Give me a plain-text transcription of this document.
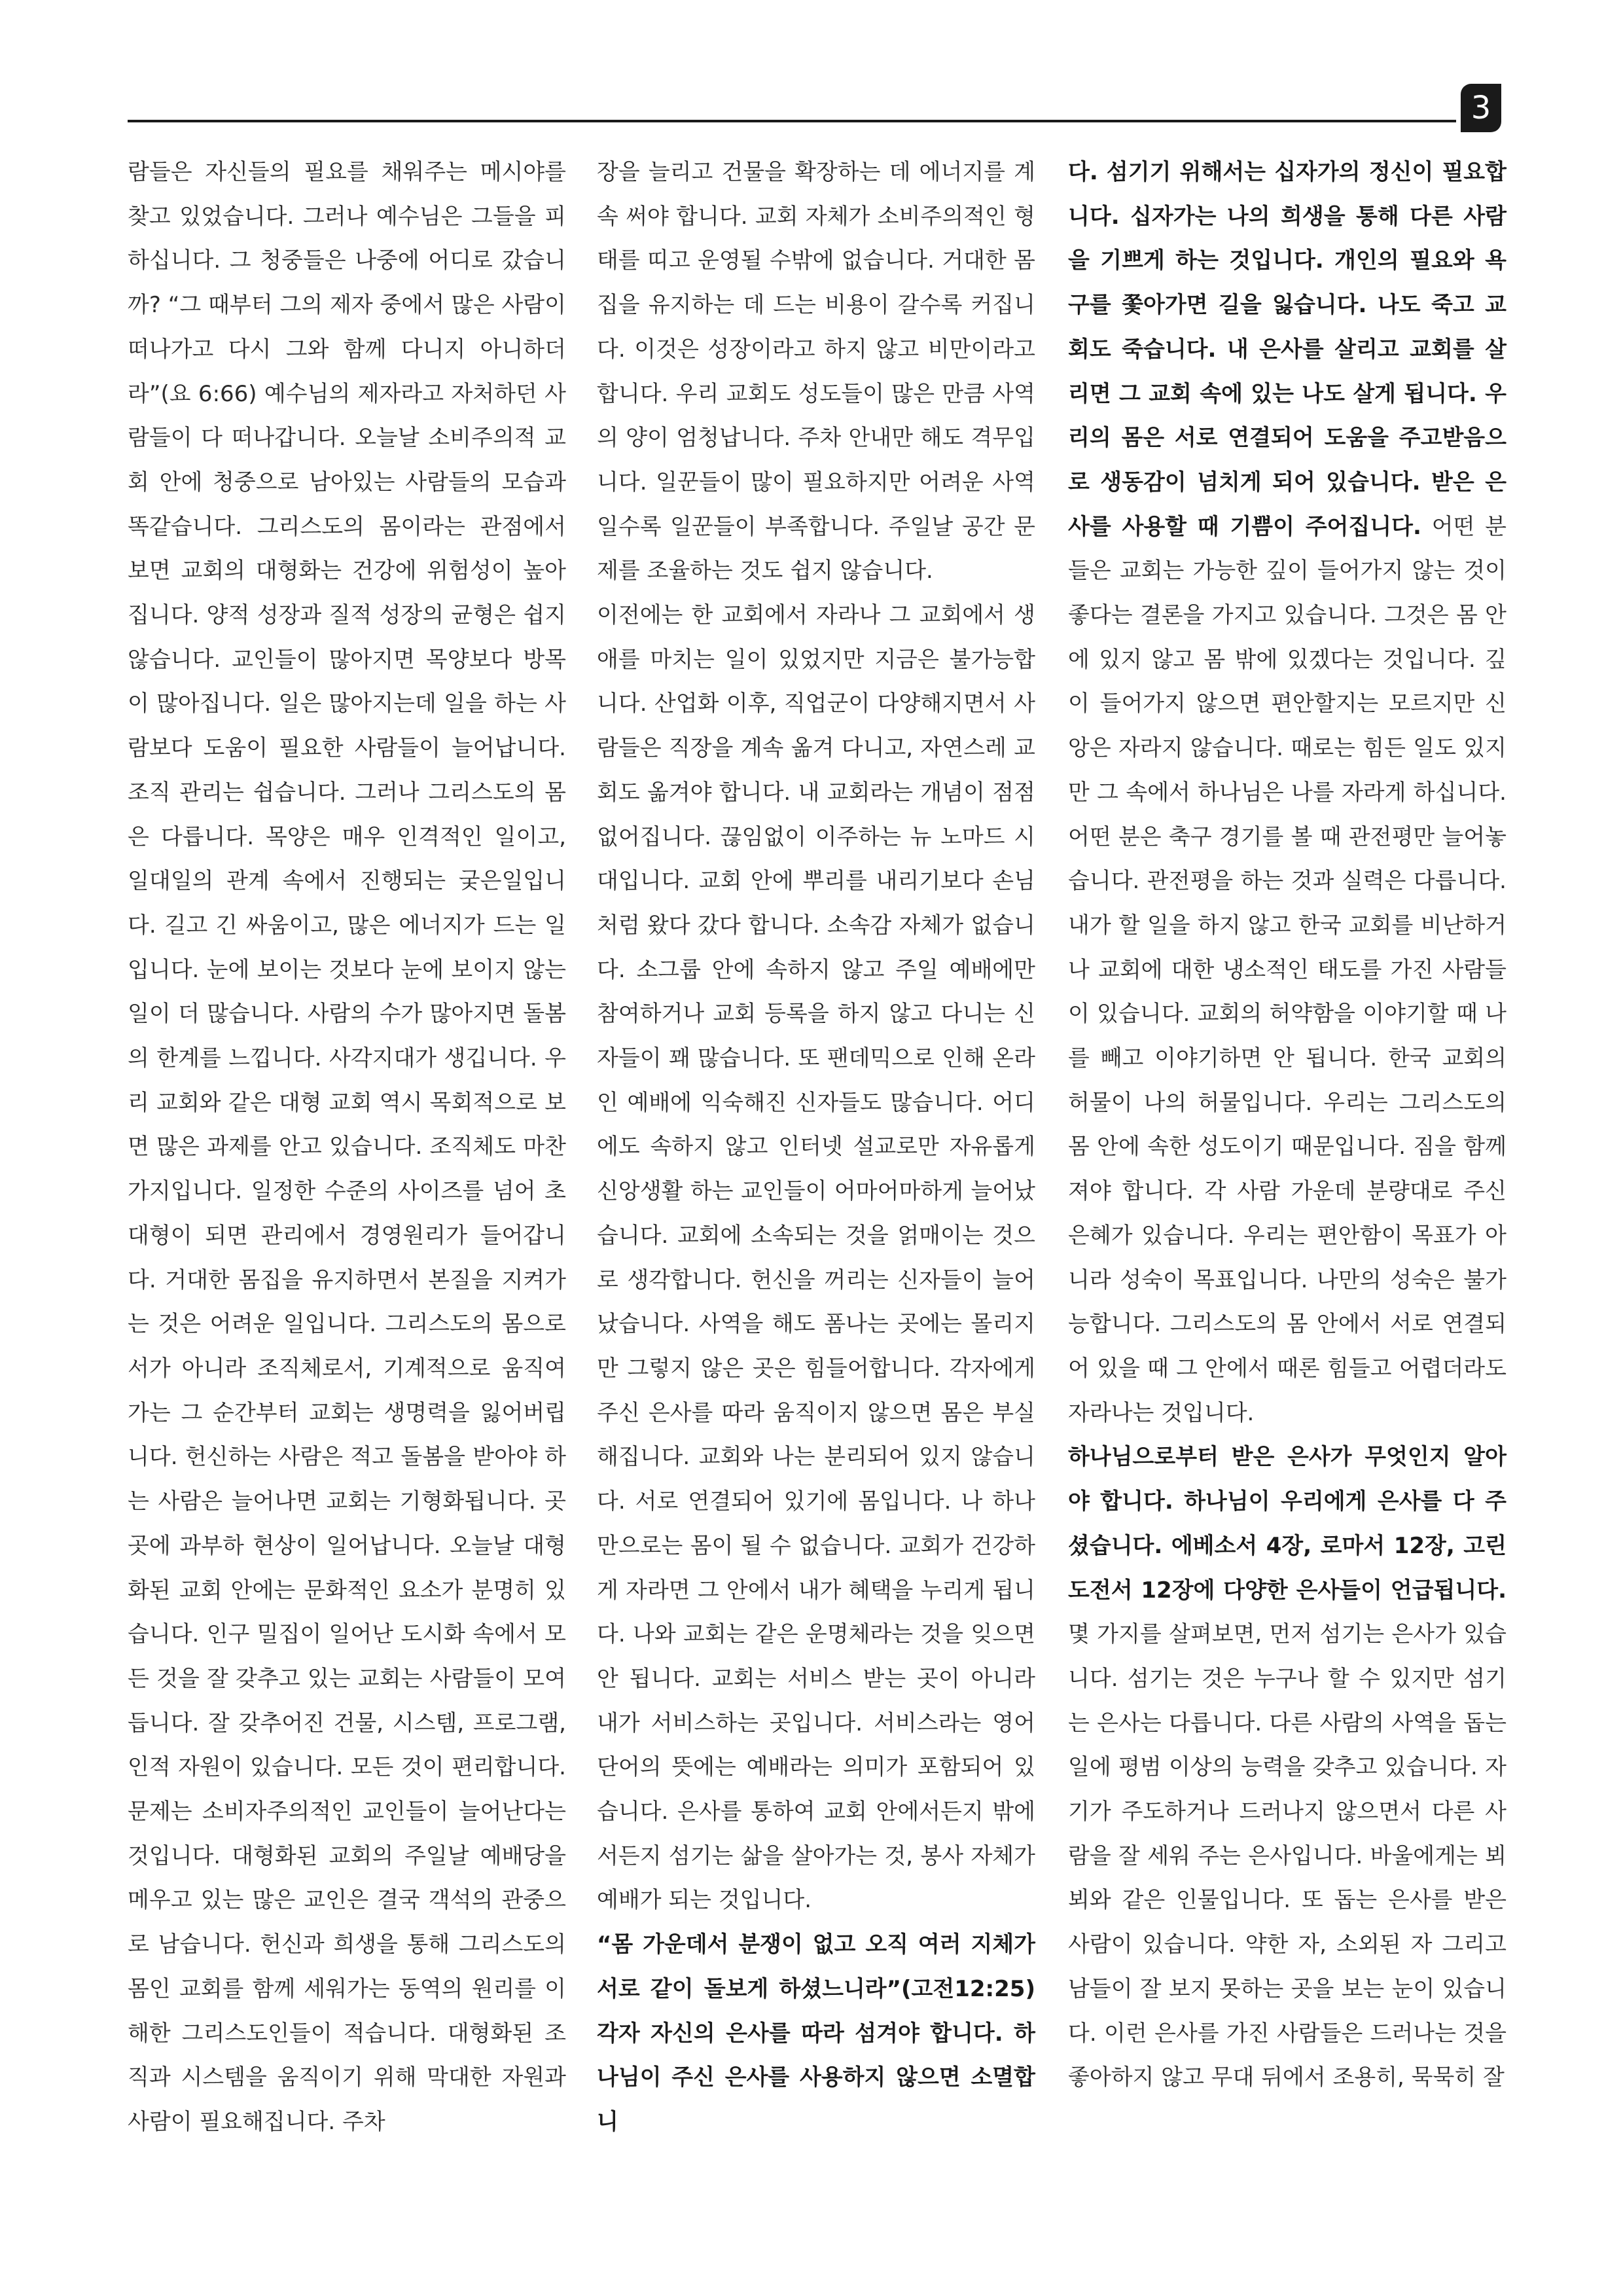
3

람들은 자신들의 필요를 채워주는 메시야를 찾고 있었습니다. 그러나 예수님은 그들을 피하십니다. 그 청중들은 나중에 어디로 갔습니까? “그 때부터 그의 제자 중에서 많은 사람이 떠나가고 다시 그와 함께 다니지 아니하더라”(요 6:66) 예수님의 제자라고 자처하던 사람들이 다 떠나갑니다. 오늘날 소비주의적 교회 안에 청중으로 남아있는 사람들의 모습과 똑같습니다. 그리스도의 몸이라는 관점에서 보면 교회의 대형화는 건강에 위험성이 높아집니다. 양적 성장과 질적 성장의 균형은 쉽지 않습니다. 교인들이 많아지면 목양보다 방목이 많아집니다. 일은 많아지는데 일을 하는 사람보다 도움이 필요한 사람들이 늘어납니다. 조직 관리는 쉽습니다. 그러나 그리스도의 몸은 다릅니다. 목양은 매우 인격적인 일이고, 일대일의 관계 속에서 진행되는 궂은일입니다. 길고 긴 싸움이고, 많은 에너지가 드는 일입니다. 눈에 보이는 것보다 눈에 보이지 않는 일이 더 많습니다. 사람의 수가 많아지면 돌봄의 한계를 느낍니다. 사각지대가 생깁니다. 우리 교회와 같은 대형 교회 역시 목회적으로 보면 많은 과제를 안고 있습니다. 조직체도 마찬가지입니다. 일정한 수준의 사이즈를 넘어 초대형이 되면 관리에서 경영원리가 들어갑니다. 거대한 몸집을 유지하면서 본질을 지켜가는 것은 어려운 일입니다. 그리스도의 몸으로서가 아니라 조직체로서, 기계적으로 움직여 가는 그 순간부터 교회는 생명력을 잃어버립니다. 헌신하는 사람은 적고 돌봄을 받아야 하는 사람은 늘어나면 교회는 기형화됩니다. 곳곳에 과부하 현상이 일어납니다. 오늘날 대형화된 교회 안에는 문화적인 요소가 분명히 있습니다. 인구 밀집이 일어난 도시화 속에서 모든 것을 잘 갖추고 있는 교회는 사람들이 모여듭니다. 잘 갖추어진 건물, 시스템, 프로그램, 인적 자원이 있습니다. 모든 것이 편리합니다. 문제는 소비자주의적인 교인들이 늘어난다는 것입니다. 대형화된 교회의 주일날 예배당을 메우고 있는 많은 교인은 결국 객석의 관중으로 남습니다. 헌신과 희생을 통해 그리스도의 몸인 교회를 함께 세워가는 동역의 원리를 이해한 그리스도인들이 적습니다. 대형화된 조직과 시스템을 움직이기 위해 막대한 자원과 사람이 필요해집니다. 주차

장을 늘리고 건물을 확장하는 데 에너지를 계속 써야 합니다. 교회 자체가 소비주의적인 형태를 띠고 운영될 수밖에 없습니다. 거대한 몸집을 유지하는 데 드는 비용이 갈수록 커집니다. 이것은 성장이라고 하지 않고 비만이라고 합니다. 우리 교회도 성도들이 많은 만큼 사역의 양이 엄청납니다. 주차 안내만 해도 격무입니다. 일꾼들이 많이 필요하지만 어려운 사역일수록 일꾼들이 부족합니다. 주일날 공간 문제를 조율하는 것도 쉽지 않습니다.

이전에는 한 교회에서 자라나 그 교회에서 생애를 마치는 일이 있었지만 지금은 불가능합니다. 산업화 이후, 직업군이 다양해지면서 사람들은 직장을 계속 옮겨 다니고, 자연스레 교회도 옮겨야 합니다. 내 교회라는 개념이 점점 없어집니다. 끊임없이 이주하는 뉴 노마드 시대입니다. 교회 안에 뿌리를 내리기보다 손님처럼 왔다 갔다 합니다. 소속감 자체가 없습니다. 소그룹 안에 속하지 않고 주일 예배에만 참여하거나 교회 등록을 하지 않고 다니는 신자들이 꽤 많습니다. 또 팬데믹으로 인해 온라인 예배에 익숙해진 신자들도 많습니다. 어디에도 속하지 않고 인터넷 설교로만 자유롭게 신앙생활 하는 교인들이 어마어마하게 늘어났습니다. 교회에 소속되는 것을 얽매이는 것으로 생각합니다. 헌신을 꺼리는 신자들이 늘어났습니다. 사역을 해도 폼나는 곳에는 몰리지만 그렇지 않은 곳은 힘들어합니다. 각자에게 주신 은사를 따라 움직이지 않으면 몸은 부실해집니다. 교회와 나는 분리되어 있지 않습니다. 서로 연결되어 있기에 몸입니다. 나 하나만으로는 몸이 될 수 없습니다. 교회가 건강하게 자라면 그 안에서 내가 혜택을 누리게 됩니다. 나와 교회는 같은 운명체라는 것을 잊으면 안 됩니다. 교회는 서비스 받는 곳이 아니라 내가 서비스하는 곳입니다. 서비스라는 영어 단어의 뜻에는 예배라는 의미가 포함되어 있습니다. 은사를 통하여 교회 안에서든지 밖에서든지 섬기는 삶을 살아가는 것, 봉사 자체가 예배가 되는 것입니다.

“몸 가운데서 분쟁이 없고 오직 여러 지체가 서로 같이 돌보게 하셨느니라”(고전12:25) 각자 자신의 은사를 따라 섬겨야 합니다. 하나님이 주신 은사를 사용하지 않으면 소멸합니

다. 섬기기 위해서는 십자가의 정신이 필요합니다. 십자가는 나의 희생을 통해 다른 사람을 기쁘게 하는 것입니다. 개인의 필요와 욕구를 쫓아가면 길을 잃습니다. 나도 죽고 교회도 죽습니다. 내 은사를 살리고 교회를 살리면 그 교회 속에 있는 나도 살게 됩니다. 우리의 몸은 서로 연결되어 도움을 주고받음으로 생동감이 넘치게 되어 있습니다. 받은 은사를 사용할 때 기쁨이 주어집니다. 어떤 분들은 교회는 가능한 깊이 들어가지 않는 것이 좋다는 결론을 가지고 있습니다. 그것은 몸 안에 있지 않고 몸 밖에 있겠다는 것입니다. 깊이 들어가지 않으면 편안할지는 모르지만 신앙은 자라지 않습니다. 때로는 힘든 일도 있지만 그 속에서 하나님은 나를 자라게 하십니다. 어떤 분은 축구 경기를 볼 때 관전평만 늘어놓습니다. 관전평을 하는 것과 실력은 다릅니다. 내가 할 일을 하지 않고 한국 교회를 비난하거나 교회에 대한 냉소적인 태도를 가진 사람들이 있습니다. 교회의 허약함을 이야기할 때 나를 빼고 이야기하면 안 됩니다. 한국 교회의 허물이 나의 허물입니다. 우리는 그리스도의 몸 안에 속한 성도이기 때문입니다. 짐을 함께 져야 합니다. 각 사람 가운데 분량대로 주신 은혜가 있습니다. 우리는 편안함이 목표가 아니라 성숙이 목표입니다. 나만의 성숙은 불가능합니다. 그리스도의 몸 안에서 서로 연결되어 있을 때 그 안에서 때론 힘들고 어렵더라도 자라나는 것입니다.

하나님으로부터 받은 은사가 무엇인지 알아야 합니다. 하나님이 우리에게 은사를 다 주셨습니다. 에베소서 4장, 로마서 12장, 고린도전서 12장에 다양한 은사들이 언급됩니다. 몇 가지를 살펴보면, 먼저 섬기는 은사가 있습니다. 섬기는 것은 누구나 할 수 있지만 섬기는 은사는 다릅니다. 다른 사람의 사역을 돕는 일에 평범 이상의 능력을 갖추고 있습니다. 자기가 주도하거나 드러나지 않으면서 다른 사람을 잘 세워 주는 은사입니다. 바울에게는 뵈뵈와 같은 인물입니다. 또 돕는 은사를 받은 사람이 있습니다. 약한 자, 소외된 자 그리고 남들이 잘 보지 못하는 곳을 보는 눈이 있습니다. 이런 은사를 가진 사람들은 드러나는 것을 좋아하지 않고 무대 뒤에서 조용히, 묵묵히 잘
